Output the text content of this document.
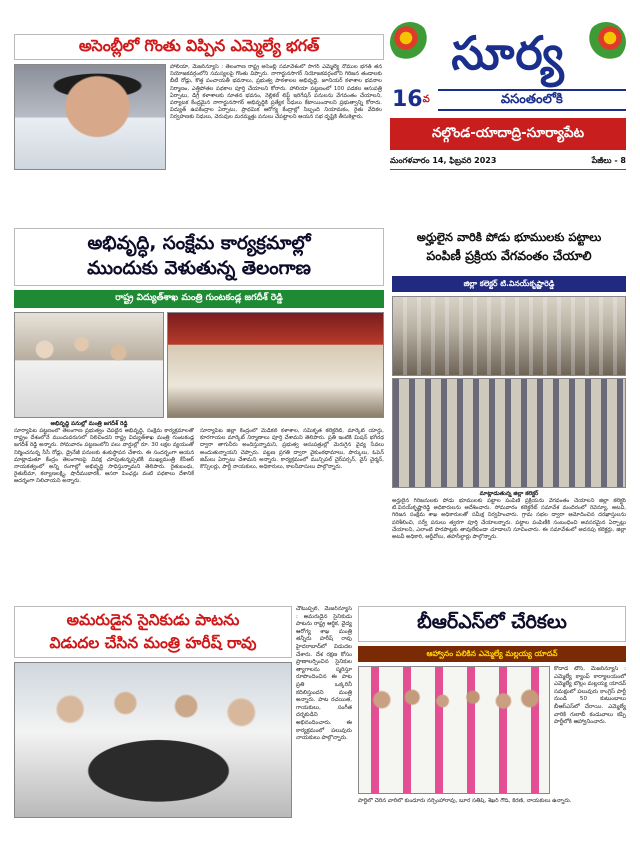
అసెంబ్లీలో గొంతు విప్పిన ఎమ్మెల్యే భగత్
హాలియా, మేజర్‌న్యూస్ : తెలంగాణ రాష్ట్ర అసెంబ్లీ సమావేశంలో సాగర్ ఎమ్మెల్యే నోముల భగత్ తన నియోజకవర్గంలోని సమస్యలపై గొంతు విప్పారు. నాగార్జునసాగర్ నియోజకవర్గంలోని గిరిజన తండాలకు బీటీ రోడ్లు, కొత్త పంచాయతీ భవనాలు, ప్రభుత్వ పాఠశాలల అభివృద్ధి, జూనియర్ కళాశాల భవనాల నిర్మాణం, ఎత్తిపోతల పథకాల పూర్తి చేయాలని కోరారు. హాలియా పట్టణంలో 100 పడకల ఆసుపత్రి ఏర్పాటు, డిగ్రీ కళాశాలకు నూతన భవనం, నెల్లికల్ లిఫ్ట్ ఇరిగేషన్ పనులను వేగవంతం చేయాలని, పర్యాటక కేంద్రమైన నాగార్జునసాగర్ అభివృద్ధికి ప్రత్యేక నిధులు కేటాయించాలని ప్రభుత్వాన్ని కోరారు. విద్యుత్ ఉపకేంద్రాల ఏర్పాటు, ప్రాథమిక ఆరోగ్య కేంద్రాల్లో సిబ్బంది నియామకం, రైతు వేదికల నిర్వహణకు నిధులు, చెరువుల మరమ్మత్తు పనులు చేపట్టాలని ఆయన సభ దృష్టికి తీసుకెళ్లారు.
సూర్య
16వ	వసంతంలోకి
నల్గొండ-యాదాద్రి-సూర్యాపేట
మంగళవారం 14, ఫిబ్రవరి 2023	పేజీలు - 8
అభివృద్ధి, సంక్షేమ కార్యక్రమాల్లో
ముందుకు వెళుతున్న తెలంగాణ
రాష్ట్ర విద్యుత్‌శాఖ మంత్రి గుంటకండ్ల జగదీశ్ రెడ్డి
అభివృద్ధి పనుల్లో మంత్రి జగదీశ్ రెడ్డి
సూర్యాపేట పట్టణంలో తెలంగాణ ప్రభుత్వం చేపట్టిన అభివృద్ధి, సంక్షేమ కార్యక్రమాలతో రాష్ట్రం దేశంలోనే ముందువరుసలో నిలిచిందని రాష్ట్ర విద్యుత్‌శాఖ మంత్రి గుంటకండ్ల జగదీశ్ రెడ్డి అన్నారు. సోమవారం పట్టణంలోని పలు వార్డుల్లో రూ. 30 లక్షల వ్యయంతో నిర్మించనున్న సీసీ రోడ్లు, డ్రైనేజీ పనులకు శంకుస్థాపన చేశారు. ఈ సందర్భంగా ఆయన మాట్లాడుతూ కేంద్రం తెలంగాణపై వివక్ష చూపుతున్నప్పటికీ ముఖ్యమంత్రి కేసీఆర్ నాయకత్వంలో అన్ని రంగాల్లో అభివృద్ధి సాధిస్తున్నామని తెలిపారు. రైతుబంధు, రైతుబీమా, కల్యాణలక్ష్మి, షాదీముబారక్, ఆసరా పింఛన్లు వంటి పథకాలు దేశానికే ఆదర్శంగా నిలిచాయని అన్నారు.
సూర్యాపేట జిల్లా కేంద్రంలో మెడికల్ కళాశాల, సమీకృత కలెక్టరేట్, మార్కెట్ యార్డు, కూరగాయల మార్కెట్ నిర్మాణాలు పూర్తి చేశామని తెలిపారు. ప్రతి ఇంటికి మిషన్ భగీరథ ద్వారా తాగునీరు అందిస్తున్నామని, ప్రభుత్వ ఆసుపత్రుల్లో మెరుగైన వైద్య సేవలు అందుతున్నాయని చెప్పారు. పట్టణ ప్రగతి ద్వారా వైకుంఠధామాలు, పార్కులు, ఓపెన్ జిమ్‌లు ఏర్పాటు చేశామని అన్నారు. కార్యక్రమంలో మున్సిపల్ చైర్‌పర్సన్, వైస్ చైర్మన్, కౌన్సిలర్లు, పార్టీ నాయకులు, అధికారులు, కాలనీవాసులు పాల్గొన్నారు.
అర్హులైన వారికి పోడు భూములకు పట్టాలు
పంపిణీ ప్రక్రియ వేగవంతం చేయాలి
జిల్లా కలెక్టర్ టి.వినయ్‌కృష్ణారెడ్డి
మాట్లాడుతున్న జిల్లా కలెక్టర్
అర్హులైన గిరిజనులకు పోడు భూములకు పట్టాల పంపిణీ ప్రక్రియను వేగవంతం చేయాలని జిల్లా కలెక్టర్ టి.వినయ్‌కృష్ణారెడ్డి అధికారులను ఆదేశించారు. సోమవారం కలెక్టరేట్ సమావేశ మందిరంలో రెవెన్యూ, అటవీ, గిరిజన సంక్షేమ శాఖ అధికారులతో సమీక్ష నిర్వహించారు. గ్రామ సభల ద్వారా ఆమోదించిన దరఖాస్తులను పరిశీలించి, సర్వే పనులు త్వరగా పూర్తి చేయాలన్నారు. పట్టాల పంపిణీకి సంబంధించి అవసరమైన ఏర్పాట్లు చేయాలని, ఎలాంటి పొరపాట్లకు తావులేకుండా చూడాలని సూచించారు. ఈ సమావేశంలో అదనపు కలెక్టర్లు, జిల్లా అటవీ అధికారి, ఆర్డీవోలు, తహసీల్దార్లు పాల్గొన్నారు.
అమరుడైన సైనికుడు పాటను
విడుదల చేసిన మంత్రి హరీష్ రావు
చౌటుప్పల్, మేజర్‌న్యూస్ : అమరుడైన సైనికుడు పాటను రాష్ట్ర ఆర్థిక, వైద్య ఆరోగ్య శాఖ మంత్రి తన్నీరు హరీష్ రావు హైదరాబాద్‌లో విడుదల చేశారు. దేశ రక్షణ కోసం ప్రాణాలర్పించిన సైనికుల త్యాగాలను స్మరిస్తూ రూపొందించిన ఈ పాట ప్రతి ఒక్కరినీ కదిలిస్తుందని మంత్రి అన్నారు. పాట రచయిత, గాయకులు, సంగీత దర్శకుడిని అభినందించారు. ఈ కార్యక్రమంలో పలువురు నాయకులు పాల్గొన్నారు.
బీఆర్ఎస్‌లో చేరికలు
ఆహ్వానం పలికిన ఎమ్మెల్యే మల్లయ్య యాదవ్
కోదాడ టౌన్, మేజర్‌న్యూస్ : ఎమ్మెల్యే క్యాంప్ కార్యాలయంలో ఎమ్మెల్యే బొల్లం మల్లయ్య యాదవ్ సమక్షంలో పలువురు కాంగ్రెస్ పార్టీ నుండి 50 కుటుంబాలు బీఆర్ఎస్‌లో చేరాయి. ఎమ్మెల్యే వారికి గులాబీ కండువాలు కప్పి పార్టీలోకి ఆహ్వానించారు.
పార్టీలో చేరిన వారిలో కుందూరు నర్సింహారావు, బూర సతీష్, శేఖర్ గౌడ్, కిరణ్, నాయకులు ఉన్నారు.
